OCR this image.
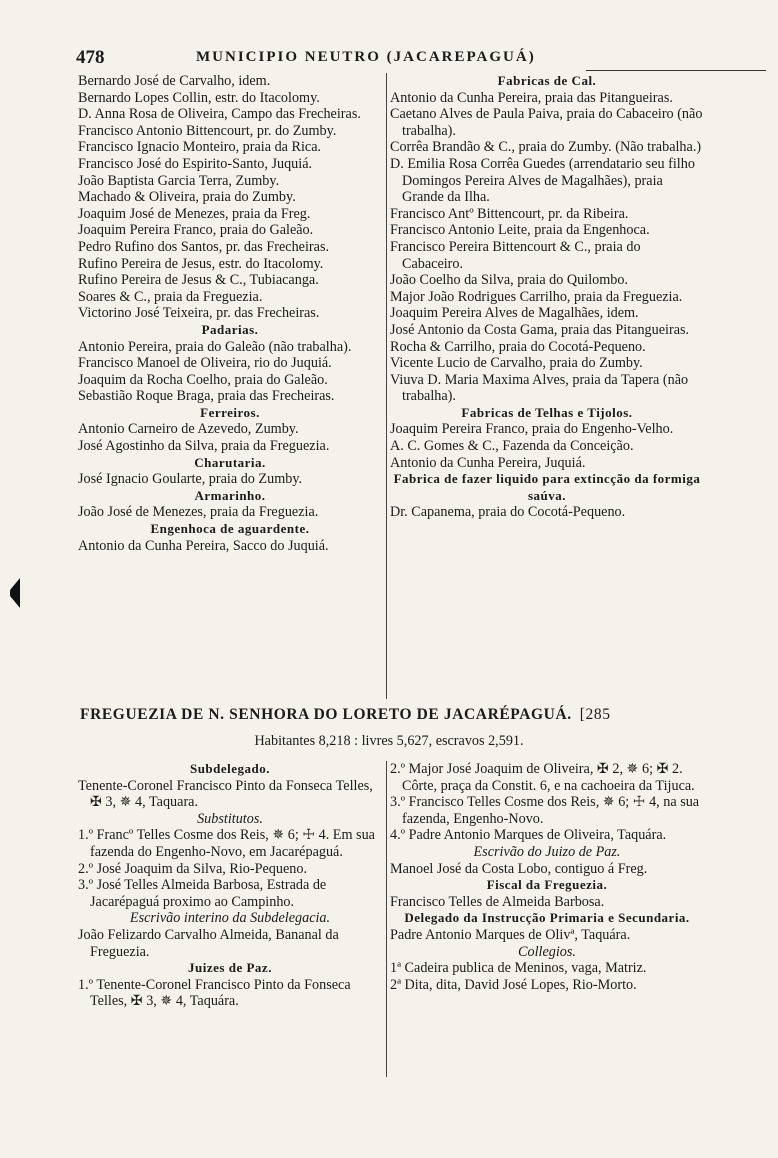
478	MUNICIPIO NEUTRO (JACAREPAGUÁ)
Bernardo José de Carvalho, idem.
Bernardo Lopes Collin, estr. do Itacolomy.
D. Anna Rosa de Oliveira, Campo das Frecheiras.
Francisco Antonio Bittencourt, pr. do Zumby.
Francisco Ignacio Monteiro, praia da Rica.
Francisco José do Espirito-Santo, Juquiá.
João Baptista Garcia Terra, Zumby.
Machado & Oliveira, praia do Zumby.
Joaquim José de Menezes, praia da Freg.
Joaquim Pereira Franco, praia do Galeão.
Pedro Rufino dos Santos, pr. das Frecheiras.
Rufino Pereira de Jesus, estr. do Itacolomy.
Rufino Pereira de Jesus & C., Tubiacanga.
Soares & C., praia da Freguezia.
Victorino José Teixeira, pr. das Frecheiras.
Padarias.
Antonio Pereira, praia do Galeão (não trabalha).
Francisco Manoel de Oliveira, rio do Juquiá.
Joaquim da Rocha Coelho, praia do Galeão.
Sebastião Roque Braga, praia das Frecheiras.
Ferreiros.
Antonio Carneiro de Azevedo, Zumby.
José Agostinho da Silva, praia da Freguezia.
Charutaria.
José Ignacio Goularte, praia do Zumby.
Armarinho.
João José de Menezes, praia da Freguezia.
Engenhoca de aguardente.
Antonio da Cunha Pereira, Sacco do Juquiá.
Fabricas de Cal.
Antonio da Cunha Pereira, praia das Pitangueiras.
Caetano Alves de Paula Paiva, praia do Cabaceiro (não trabalha).
Corrêa Brandão & C., praia do Zumby. (Não trabalha.)
D. Emilia Rosa Corrêa Guedes (arrendatario seu filho Domingos Pereira Alves de Magalhães), praia Grande da Ilha.
Francisco Antº Bittencourt, pr. da Ribeira.
Francisco Antonio Leite, praia da Engenhoca.
Francisco Pereira Bittencourt & C., praia do Cabaceiro.
João Coelho da Silva, praia do Quilombo.
Major João Rodrigues Carrilho, praia da Freguezia.
Joaquim Pereira Alves de Magalhães, idem.
José Antonio da Costa Gama, praia das Pitangueiras.
Rocha & Carrilho, praia do Cocotá-Pequeno.
Vicente Lucio de Carvalho, praia do Zumby.
Viuva D. Maria Maxima Alves, praia da Tapera (não trabalha).
Fabricas de Telhas e Tijolos.
Joaquim Pereira Franco, praia do Engenho-Velho.
A. C. Gomes & C., Fazenda da Conceição.
Antonio da Cunha Pereira, Juquiá.
Fabrica de fazer liquido para extincção da formiga saúva.
Dr. Capanema, praia do Cocotá-Pequeno.
FREGUEZIA DE N. SENHORA DO LORETO DE JACARÉPAGUÁ. [285
Habitantes 8,218 : livres 5,627, escravos 2,591.
Subdelegado.
Tenente-Coronel Francisco Pinto da Fonseca Telles, ✠ 3, ✵ 4, Taquara.
Substitutos.
1.º Francº Telles Cosme dos Reis, ✵ 6; ☩ 4. Em sua fazenda do Engenho-Novo, em Jacarépaguá.
2.º José Joaquim da Silva, Rio-Pequeno.
3.º José Telles Almeida Barbosa, Estrada de Jacarépaguá proximo ao Campinho.
Escrivão interino da Subdelegacia.
João Felizardo Carvalho Almeida, Bananal da Freguezia.
Juizes de Paz.
1.º Tenente-Coronel Francisco Pinto da Fonseca Telles, ✠ 3, ✵ 4, Taquára.
2.º Major José Joaquim de Oliveira, ✠ 2, ✵ 6; ✠ 2. Côrte, praça da Constit. 6, e na cachoeira da Tijuca.
3.º Francisco Telles Cosme dos Reis, ✵ 6; ☩ 4, na sua fazenda, Engenho-Novo.
4.º Padre Antonio Marques de Oliveira, Taquára.
Escrivão do Juizo de Paz.
Manoel José da Costa Lobo, contiguo á Freg.
Fiscal da Freguezia.
Francisco Telles de Almeida Barbosa.
Delegado da Instrucção Primaria e Secundaria.
Padre Antonio Marques de Olivª, Taquára.
Collegios.
1ª Cadeira publica de Meninos, vaga, Matriz.
2ª Dita, dita, David José Lopes, Rio-Morto.
